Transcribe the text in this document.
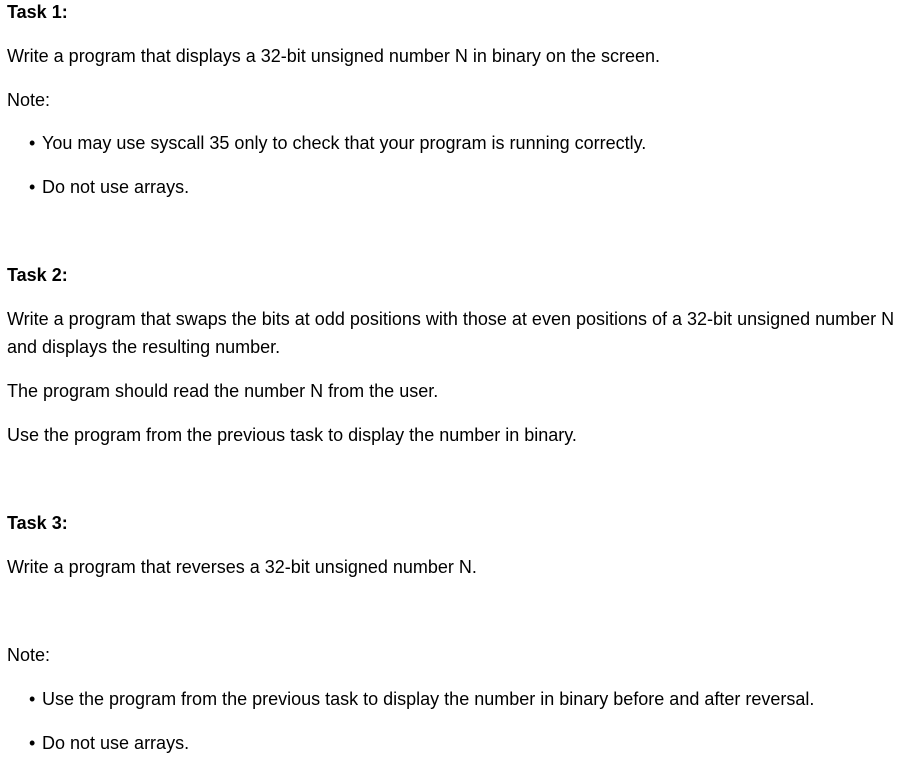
Task 1:
Write a program that displays a 32-bit unsigned number N in binary on the screen.
Note:
• You may use syscall 35 only to check that your program is running correctly.
• Do not use arrays.
Task 2:
Write a program that swaps the bits at odd positions with those at even positions of a 32-bit unsigned number N and displays the resulting number.
The program should read the number N from the user.
Use the program from the previous task to display the number in binary.
Task 3:
Write a program that reverses a 32-bit unsigned number N.
Note:
• Use the program from the previous task to display the number in binary before and after reversal.
• Do not use arrays.
